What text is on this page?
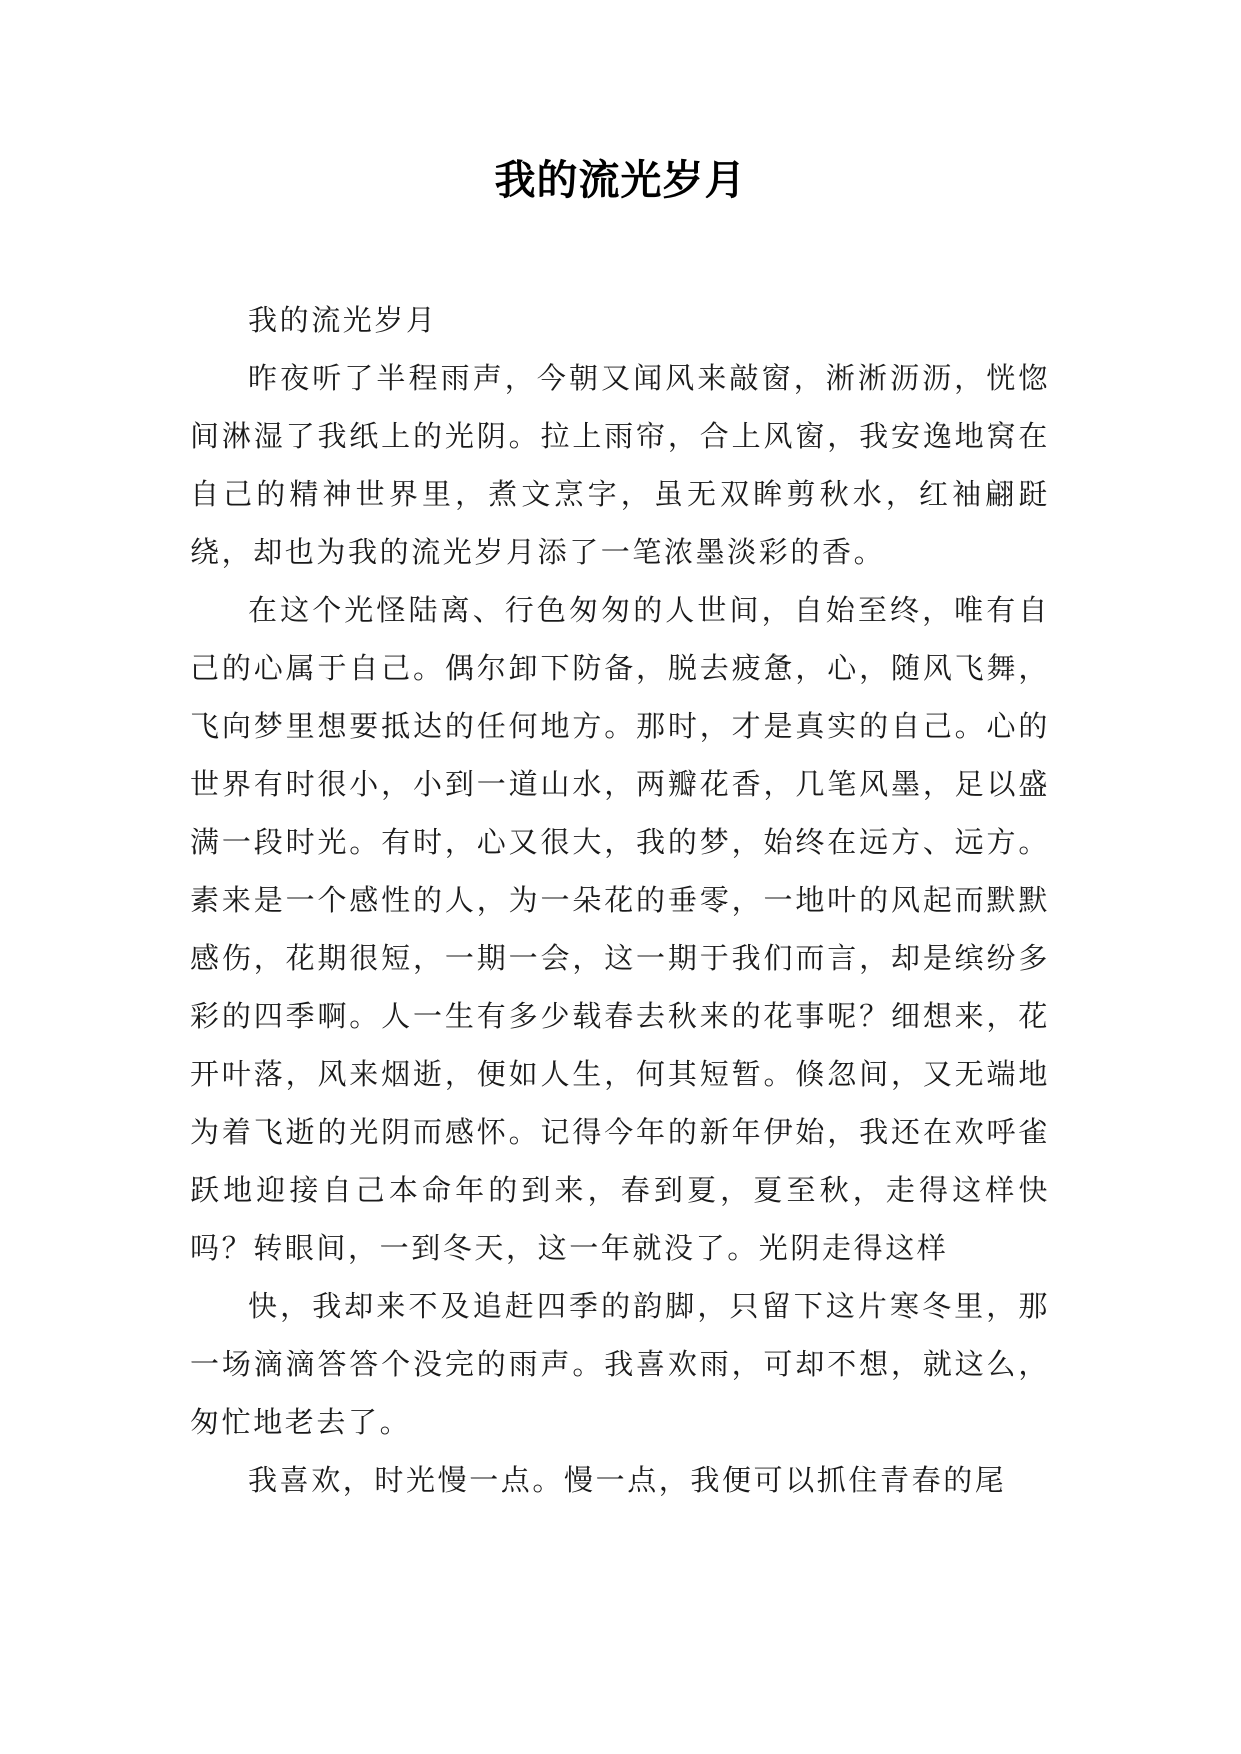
我的流光岁月

我的流光岁月

昨夜听了半程雨声，今朝又闻风来敲窗，淅淅沥沥，恍惚间淋湿了我纸上的光阴。拉上雨帘，合上风窗，我安逸地窝在自己的精神世界里，煮文烹字，虽无双眸剪秋水，红袖翩跹绕，却也为我的流光岁月添了一笔浓墨淡彩的香。

在这个光怪陆离、行色匆匆的人世间，自始至终，唯有自己的心属于自己。偶尔卸下防备，脱去疲惫，心，随风飞舞，飞向梦里想要抵达的任何地方。那时，才是真实的自己。心的世界有时很小，小到一道山水，两瓣花香，几笔风墨，足以盛满一段时光。有时，心又很大，我的梦，始终在远方、远方。素来是一个感性的人，为一朵花的垂零，一地叶的风起而默默感伤，花期很短，一期一会，这一期于我们而言，却是缤纷多彩的四季啊。人一生有多少载春去秋来的花事呢？细想来，花开叶落，风来烟逝，便如人生，何其短暂。倏忽间，又无端地为着飞逝的光阴而感怀。记得今年的新年伊始，我还在欢呼雀跃地迎接自己本命年的到来，春到夏，夏至秋，走得这样快吗？转眼间，一到冬天，这一年就没了。光阴走得这样

快，我却来不及追赶四季的韵脚，只留下这片寒冬里，那一场滴滴答答个没完的雨声。我喜欢雨，可却不想，就这么，匆忙地老去了。

我喜欢，时光慢一点。慢一点，我便可以抓住青春的尾
